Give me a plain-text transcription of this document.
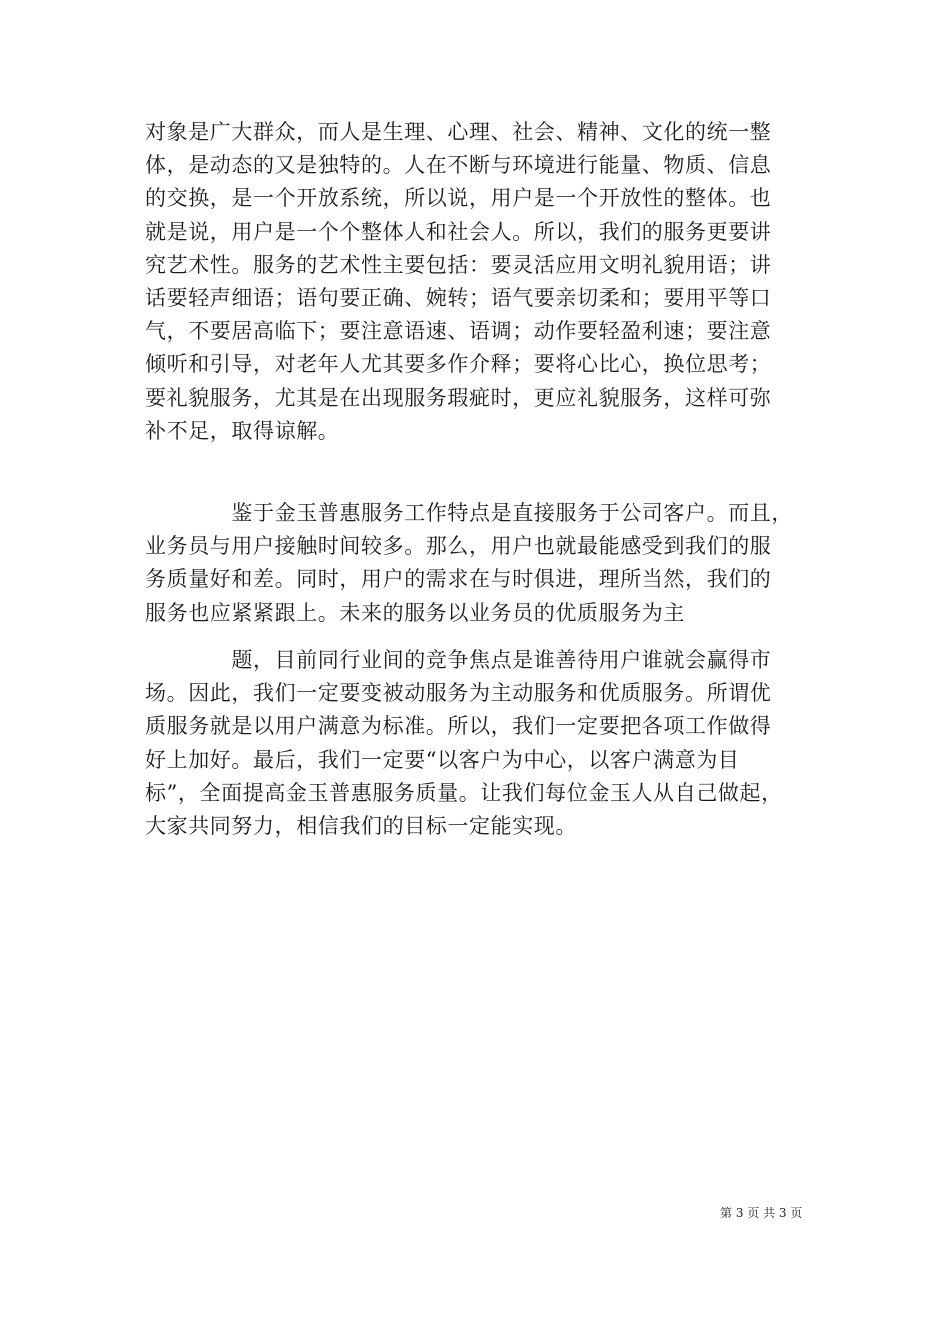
对象是广大群众，而人是生理、心理、社会、精神、文化的统一整
体，是动态的又是独特的。人在不断与环境进行能量、物质、信息
的交换，是一个开放系统，所以说，用户是一个开放性的整体。也
就是说，用户是一个个整体人和社会人。所以，我们的服务更要讲
究艺术性。服务的艺术性主要包括：要灵活应用文明礼貌用语；讲
话要轻声细语；语句要正确、婉转；语气要亲切柔和；要用平等口
气，不要居高临下；要注意语速、语调；动作要轻盈利速；要注意
倾听和引导，对老年人尤其要多作介释；要将心比心，换位思考；
要礼貌服务，尤其是在出现服务瑕疵时，更应礼貌服务，这样可弥
补不足，取得谅解。
　　　　鉴于金玉普惠服务工作特点是直接服务于公司客户。而且，
业务员与用户接触时间较多。那么，用户也就最能感受到我们的服
务质量好和差。同时，用户的需求在与时俱进，理所当然，我们的
服务也应紧紧跟上。未来的服务以业务员的优质服务为主
　　　　题，目前同行业间的竞争焦点是谁善待用户谁就会赢得市
场。因此，我们一定要变被动服务为主动服务和优质服务。所谓优
质服务就是以用户满意为标准。所以，我们一定要把各项工作做得
好上加好。最后，我们一定要“以客户为中心，以客户满意为目
标”，全面提高金玉普惠服务质量。让我们每位金玉人从自己做起，
大家共同努力，相信我们的目标一定能实现。
第 3 页 共 3 页
